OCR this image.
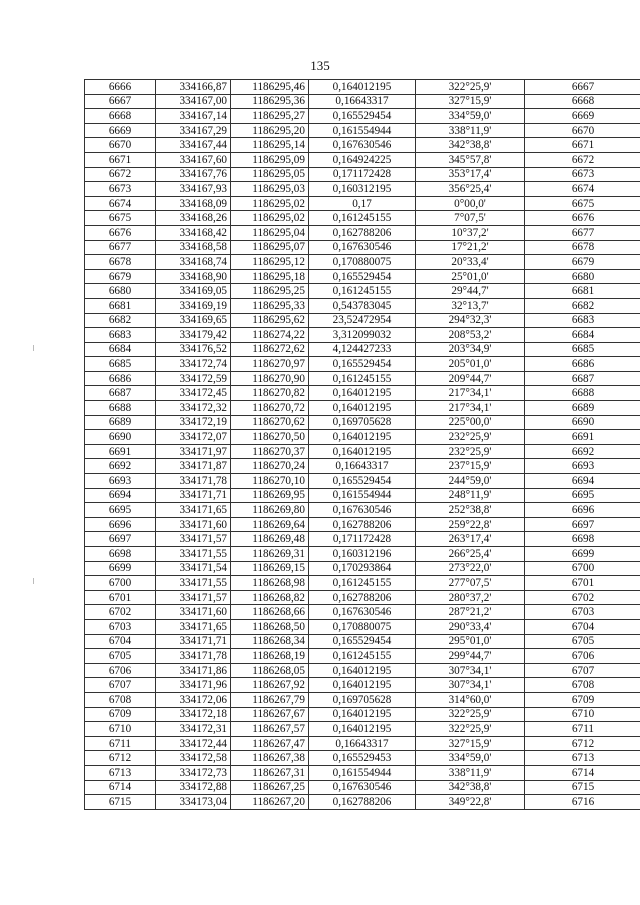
135
6666	334166,87	1186295,46	0,164012195	322°25,9'	6667
6667	334167,00	1186295,36	0,16643317	327°15,9'	6668
6668	334167,14	1186295,27	0,165529454	334°59,0'	6669
6669	334167,29	1186295,20	0,161554944	338°11,9'	6670
6670	334167,44	1186295,14	0,167630546	342°38,8'	6671
6671	334167,60	1186295,09	0,164924225	345°57,8'	6672
6672	334167,76	1186295,05	0,171172428	353°17,4'	6673
6673	334167,93	1186295,03	0,160312195	356°25,4'	6674
6674	334168,09	1186295,02	0,17	0°00,0'	6675
6675	334168,26	1186295,02	0,161245155	7°07,5'	6676
6676	334168,42	1186295,04	0,162788206	10°37,2'	6677
6677	334168,58	1186295,07	0,167630546	17°21,2'	6678
6678	334168,74	1186295,12	0,170880075	20°33,4'	6679
6679	334168,90	1186295,18	0,165529454	25°01,0'	6680
6680	334169,05	1186295,25	0,161245155	29°44,7'	6681
6681	334169,19	1186295,33	0,543783045	32°13,7'	6682
6682	334169,65	1186295,62	23,52472954	294°32,3'	6683
6683	334179,42	1186274,22	3,312099032	208°53,2'	6684
6684	334176,52	1186272,62	4,124427233	203°34,9'	6685
6685	334172,74	1186270,97	0,165529454	205°01,0'	6686
6686	334172,59	1186270,90	0,161245155	209°44,7'	6687
6687	334172,45	1186270,82	0,164012195	217°34,1'	6688
6688	334172,32	1186270,72	0,164012195	217°34,1'	6689
6689	334172,19	1186270,62	0,169705628	225°00,0'	6690
6690	334172,07	1186270,50	0,164012195	232°25,9'	6691
6691	334171,97	1186270,37	0,164012195	232°25,9'	6692
6692	334171,87	1186270,24	0,16643317	237°15,9'	6693
6693	334171,78	1186270,10	0,165529454	244°59,0'	6694
6694	334171,71	1186269,95	0,161554944	248°11,9'	6695
6695	334171,65	1186269,80	0,167630546	252°38,8'	6696
6696	334171,60	1186269,64	0,162788206	259°22,8'	6697
6697	334171,57	1186269,48	0,171172428	263°17,4'	6698
6698	334171,55	1186269,31	0,160312196	266°25,4'	6699
6699	334171,54	1186269,15	0,170293864	273°22,0'	6700
6700	334171,55	1186268,98	0,161245155	277°07,5'	6701
6701	334171,57	1186268,82	0,162788206	280°37,2'	6702
6702	334171,60	1186268,66	0,167630546	287°21,2'	6703
6703	334171,65	1186268,50	0,170880075	290°33,4'	6704
6704	334171,71	1186268,34	0,165529454	295°01,0'	6705
6705	334171,78	1186268,19	0,161245155	299°44,7'	6706
6706	334171,86	1186268,05	0,164012195	307°34,1'	6707
6707	334171,96	1186267,92	0,164012195	307°34,1'	6708
6708	334172,06	1186267,79	0,169705628	314°60,0'	6709
6709	334172,18	1186267,67	0,164012195	322°25,9'	6710
6710	334172,31	1186267,57	0,164012195	322°25,9'	6711
6711	334172,44	1186267,47	0,16643317	327°15,9'	6712
6712	334172,58	1186267,38	0,165529453	334°59,0'	6713
6713	334172,73	1186267,31	0,161554944	338°11,9'	6714
6714	334172,88	1186267,25	0,167630546	342°38,8'	6715
6715	334173,04	1186267,20	0,162788206	349°22,8'	6716
